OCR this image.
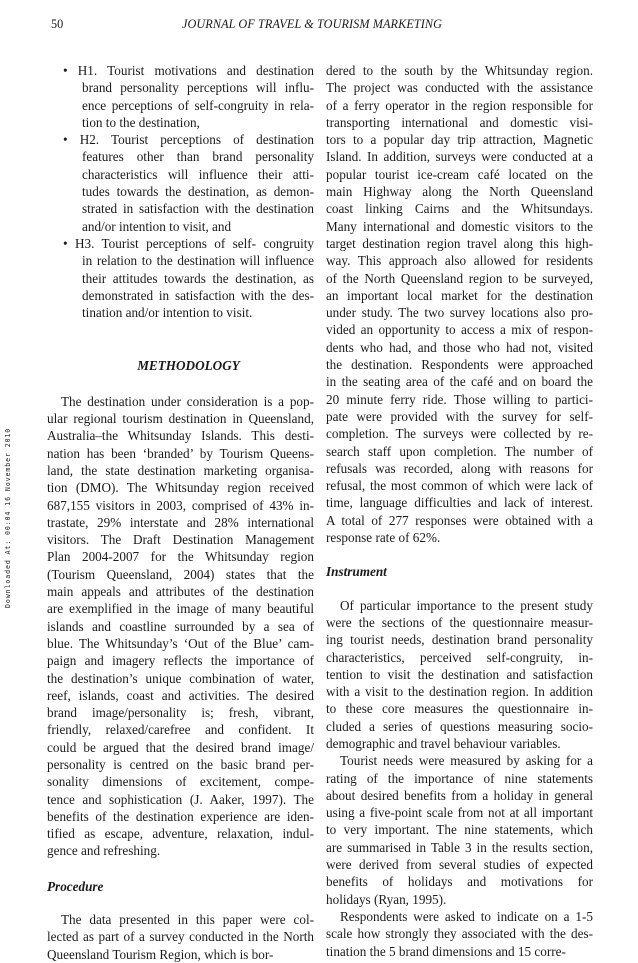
50	JOURNAL OF TRAVEL & TOURISM MARKETING
Downloaded At: 00:04 16 November 2010
• H1. Tourist motivations and destination
brand personality perceptions will influ-
ence perceptions of self-congruity in rela-
tion to the destination,
• H2. Tourist perceptions of destination
features other than brand personality
characteristics will influence their atti-
tudes towards the destination, as demon-
strated in satisfaction with the destination
and/or intention to visit, and
• H3. Tourist perceptions of self- congruity
in relation to the destination will influence
their attitudes towards the destination, as
demonstrated in satisfaction with the des-
tination and/or intention to visit.
METHODOLOGY
The destination under consideration is a pop-
ular regional tourism destination in Queensland,
Australia–the Whitsunday Islands. This desti-
nation has been ‘branded’ by Tourism Queens-
land, the state destination marketing organisa-
tion (DMO). The Whitsunday region received
687,155 visitors in 2003, comprised of 43% in-
trastate, 29% interstate and 28% international
visitors. The Draft Destination Management
Plan 2004-2007 for the Whitsunday region
(Tourism Queensland, 2004) states that the
main appeals and attributes of the destination
are exemplified in the image of many beautiful
islands and coastline surrounded by a sea of
blue. The Whitsunday’s ‘Out of the Blue’ cam-
paign and imagery reflects the importance of
the destination’s unique combination of water,
reef, islands, coast and activities. The desired
brand image/personality is; fresh, vibrant,
friendly, relaxed/carefree and confident. It
could be argued that the desired brand image/
personality is centred on the basic brand per-
sonality dimensions of excitement, compe-
tence and sophistication (J. Aaker, 1997). The
benefits of the destination experience are iden-
tified as escape, adventure, relaxation, indul-
gence and refreshing.
Procedure
The data presented in this paper were col-
lected as part of a survey conducted in the North
Queensland Tourism Region, which is bor-
dered to the south by the Whitsunday region.
The project was conducted with the assistance
of a ferry operator in the region responsible for
transporting international and domestic visi-
tors to a popular day trip attraction, Magnetic
Island. In addition, surveys were conducted at a
popular tourist ice-cream café located on the
main Highway along the North Queensland
coast linking Cairns and the Whitsundays.
Many international and domestic visitors to the
target destination region travel along this high-
way. This approach also allowed for residents
of the North Queensland region to be surveyed,
an important local market for the destination
under study. The two survey locations also pro-
vided an opportunity to access a mix of respon-
dents who had, and those who had not, visited
the destination. Respondents were approached
in the seating area of the café and on board the
20 minute ferry ride. Those willing to partici-
pate were provided with the survey for self-
completion. The surveys were collected by re-
search staff upon completion. The number of
refusals was recorded, along with reasons for
refusal, the most common of which were lack of
time, language difficulties and lack of interest.
A total of 277 responses were obtained with a
response rate of 62%.
Instrument
Of particular importance to the present study
were the sections of the questionnaire measur-
ing tourist needs, destination brand personality
characteristics, perceived self-congruity, in-
tention to visit the destination and satisfaction
with a visit to the destination region. In addition
to these core measures the questionnaire in-
cluded a series of questions measuring socio-
demographic and travel behaviour variables.
Tourist needs were measured by asking for a
rating of the importance of nine statements
about desired benefits from a holiday in general
using a five-point scale from not at all important
to very important. The nine statements, which
are summarised in Table 3 in the results section,
were derived from several studies of expected
benefits of holidays and motivations for
holidays (Ryan, 1995).
Respondents were asked to indicate on a 1-5
scale how strongly they associated with the des-
tination the 5 brand dimensions and 15 corre-
